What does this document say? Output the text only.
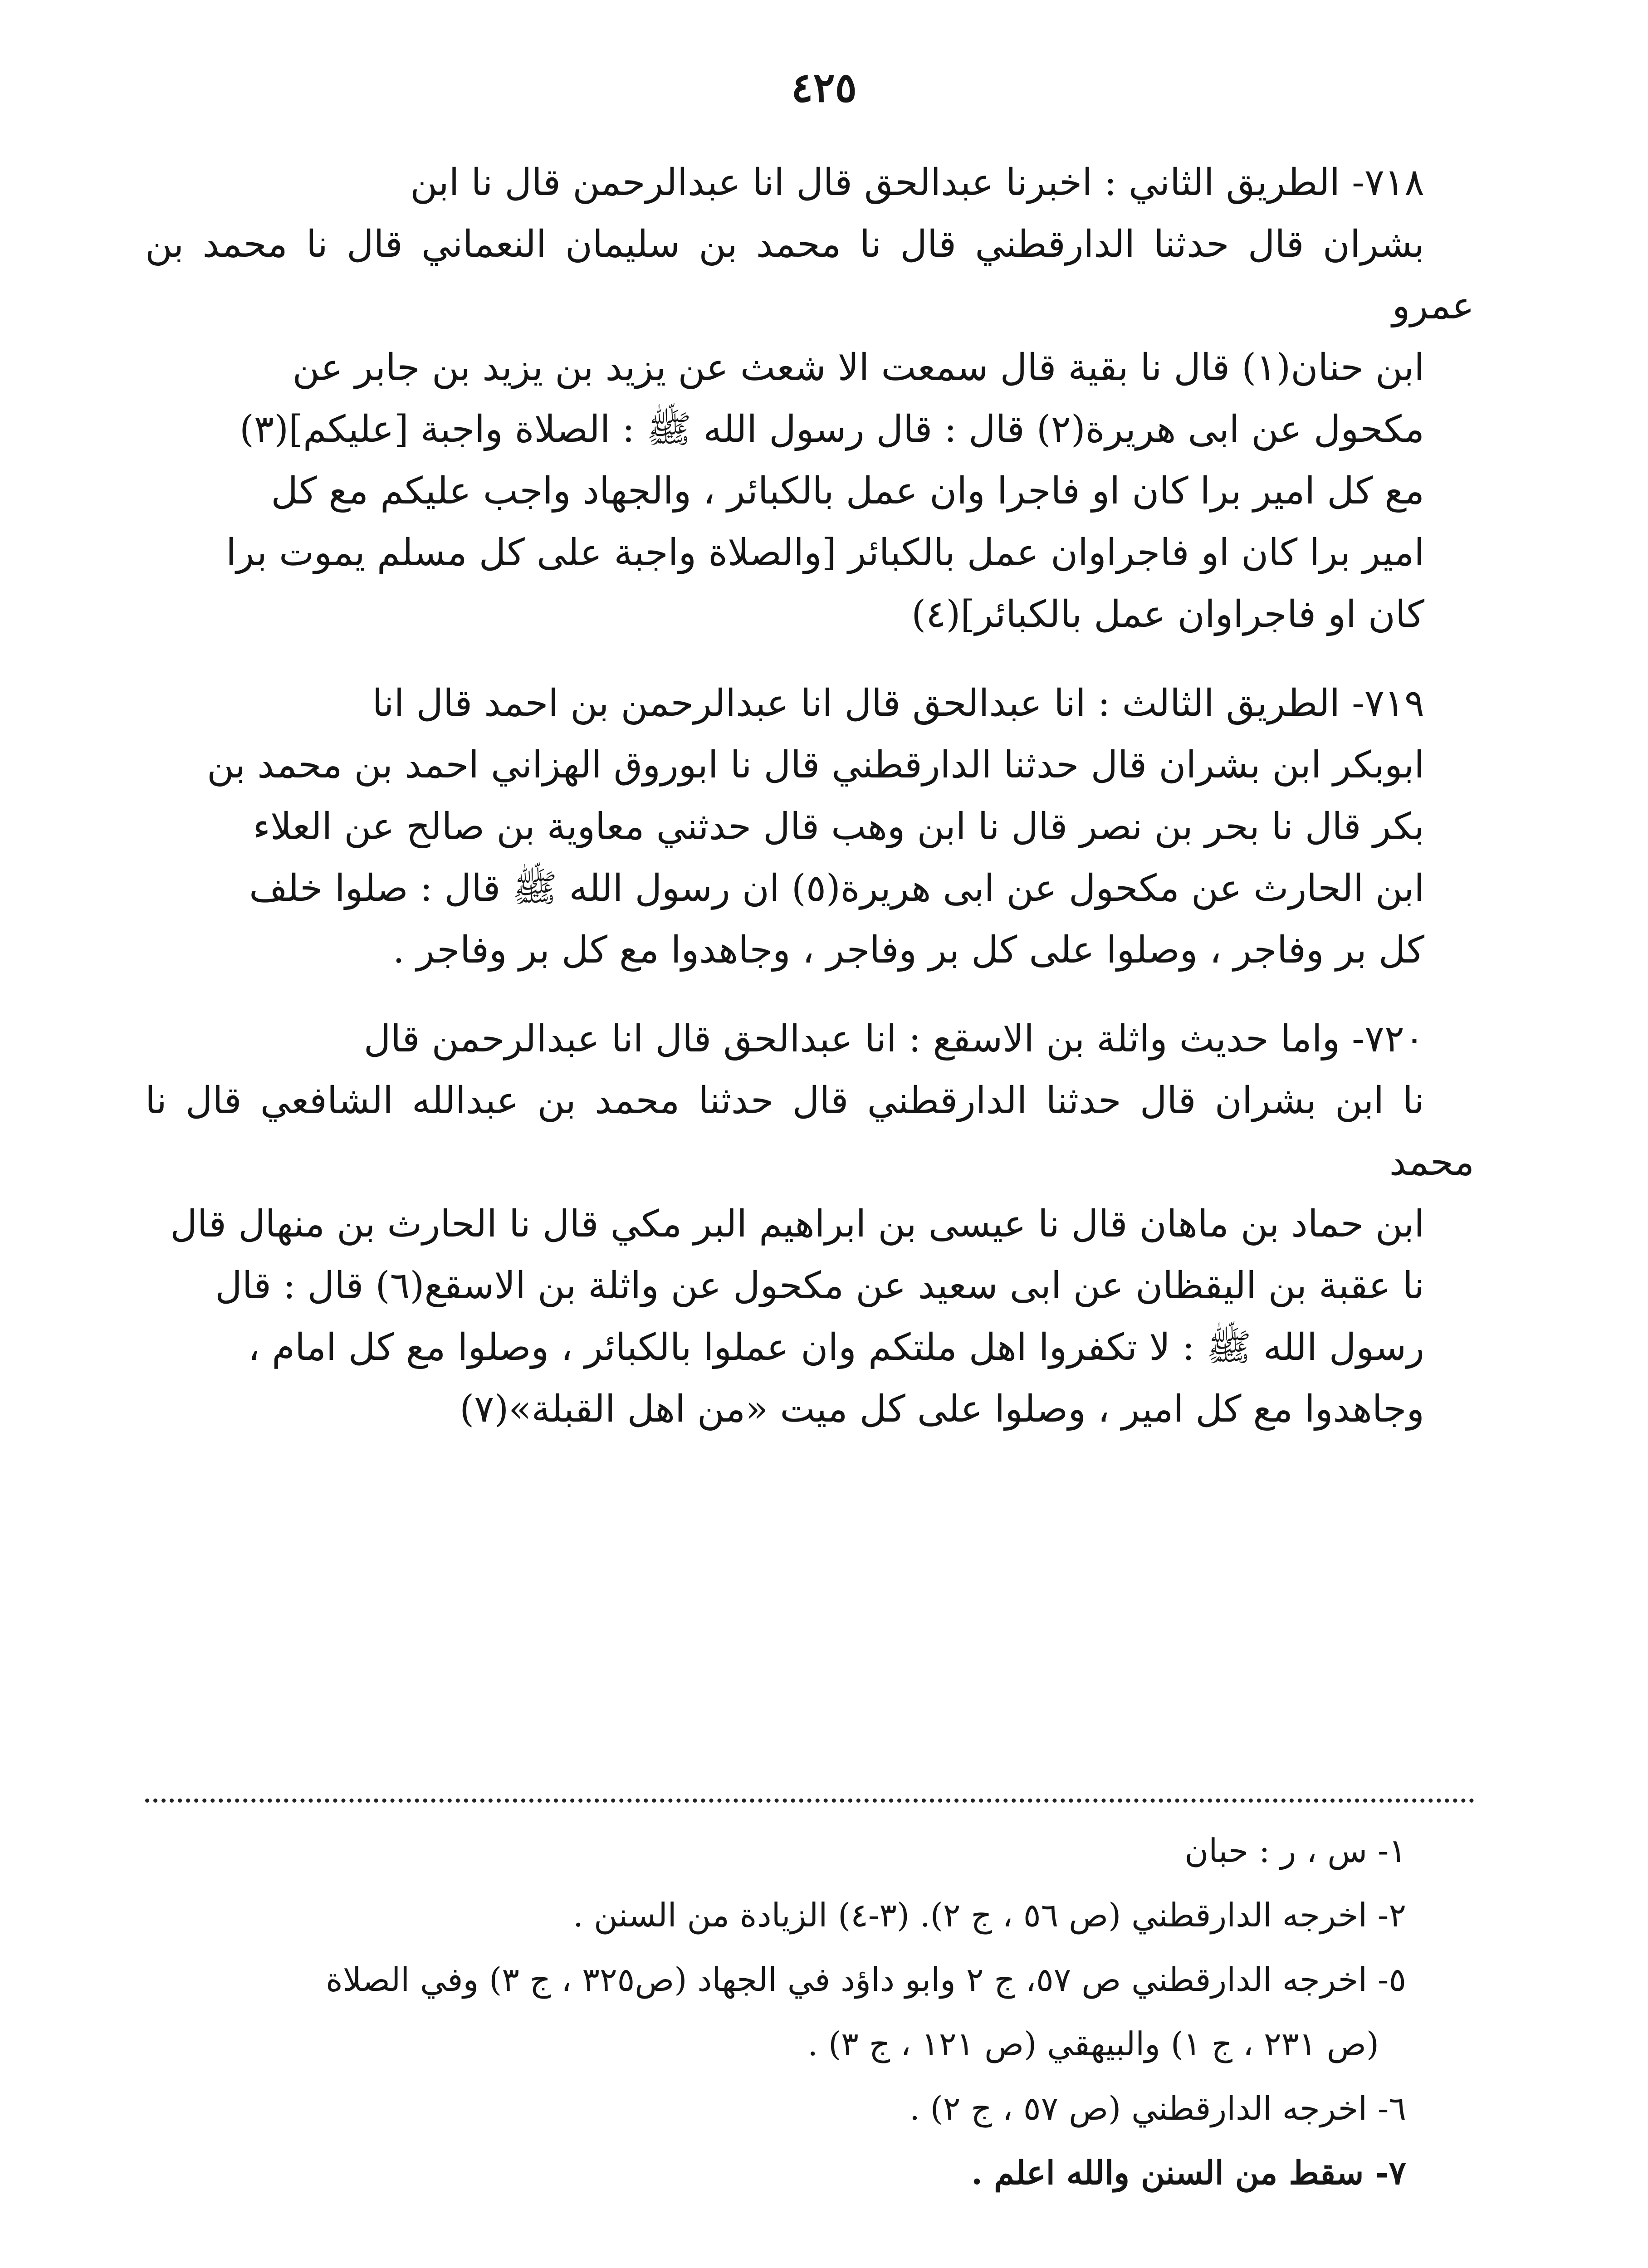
٤٢٥

٧١٨- الطريق الثاني : اخبرنا عبدالحق قال انا عبدالرحمن قال نا ابن
بشران قال حدثنا الدارقطني قال نا محمد بن سليمان النعماني قال نا محمد بن عمرو
ابن حنان(١) قال نا بقية قال سمعت الا شعث عن يزيد بن يزيد بن جابر عن
مكحول عن ابى هريرة(٢) قال : قال رسول الله ﷺ : الصلاة واجبة [عليكم](٣)
مع كل امير برا كان او فاجرا وان عمل بالكبائر ، والجهاد واجب عليكم مع كل
امير برا كان او فاجراوان عمل بالكبائر [والصلاة واجبة على كل مسلم يموت برا
كان او فاجراوان عمل بالكبائر](٤)

٧١٩- الطريق الثالث : انا عبدالحق قال انا عبدالرحمن بن احمد قال انا
ابوبكر ابن بشران قال حدثنا الدارقطني قال نا ابوروق الهزاني احمد بن محمد بن
بكر قال نا بحر بن نصر قال نا ابن وهب قال حدثني معاوية بن صالح عن العلاء
ابن الحارث عن مكحول عن ابى هريرة(٥) ان رسول الله ﷺ قال : صلوا خلف
كل بر وفاجر ، وصلوا على كل بر وفاجر ، وجاهدوا مع كل بر وفاجر .

٧٢٠- واما حديث واثلة بن الاسقع : انا عبدالحق قال انا عبدالرحمن قال
نا ابن بشران قال حدثنا الدارقطني قال حدثنا محمد بن عبدالله الشافعي قال نا محمد
ابن حماد بن ماهان قال نا عيسى بن ابراهيم البر مكي قال نا الحارث بن منهال قال
نا عقبة بن اليقظان عن ابى سعيد عن مكحول عن واثلة بن الاسقع(٦) قال : قال
رسول الله ﷺ : لا تكفروا اهل ملتكم وان عملوا بالكبائر ، وصلوا مع كل امام ،
وجاهدوا مع كل امير ، وصلوا على كل ميت «من اهل القبلة»(٧)

١- س ، ر : حبان
٢- اخرجه الدارقطني (ص ٥٦ ، ج ٢). (٣-٤) الزيادة من السنن .
٥- اخرجه الدارقطني ص ٥٧، ج ٢ وابو داؤد في الجهاد (ص٣٢٥ ، ج ٣) وفي الصلاة
(ص ٢٣١ ، ج ١) والبيهقي (ص ١٢١ ، ج ٣) .
٦- اخرجه الدارقطني (ص ٥٧ ، ج ٢) .
٧- سقط من السنن والله اعلم .
